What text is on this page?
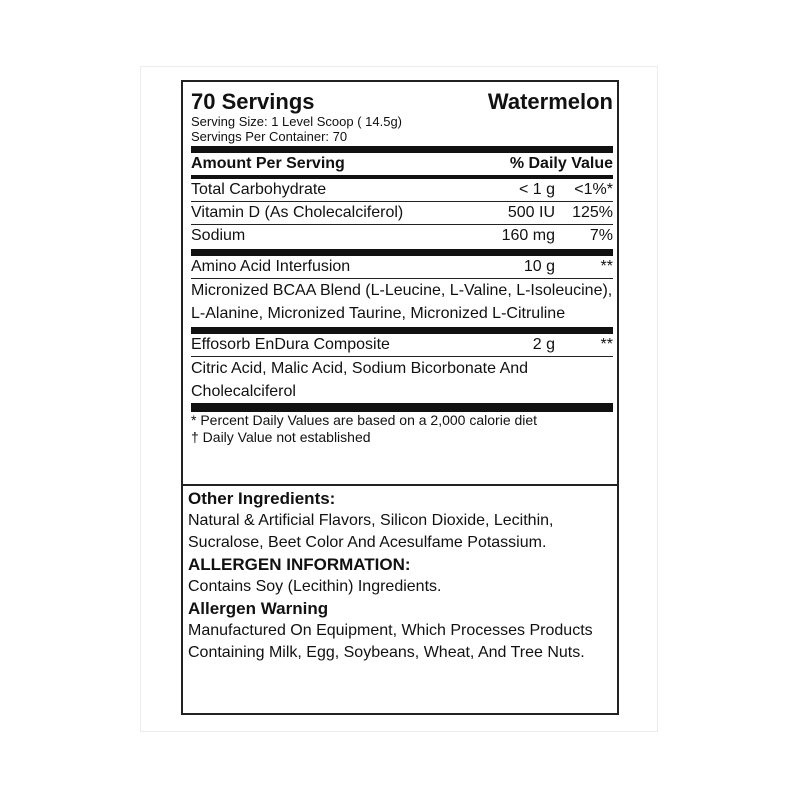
70 Servings	Watermelon
Serving Size: 1 Level Scoop ( 14.5g)
Servings Per Container: 70
Amount Per Serving	% Daily Value
Total Carbohydrate	< 1 g	<1%*
Vitamin D (As Cholecalciferol)	500 IU	125%
Sodium	160 mg	7%
Amino Acid Interfusion	10 g	**
Micronized BCAA Blend (L-Leucine, L-Valine, L-Isoleucine), L-Alanine, Micronized Taurine, Micronized L-Citruline
Effosorb EnDura Composite	2 g	**
Citric Acid, Malic Acid, Sodium Bicorbonate And Cholecalciferol
* Percent Daily Values are based on a 2,000 calorie diet
† Daily Value not established
Other Ingredients:
Natural & Artificial Flavors, Silicon Dioxide, Lecithin, Sucralose, Beet Color And Acesulfame Potassium.
ALLERGEN INFORMATION:
Contains Soy (Lecithin) Ingredients.
Allergen Warning
Manufactured On Equipment, Which Processes Products Containing Milk, Egg, Soybeans, Wheat, And Tree Nuts.
